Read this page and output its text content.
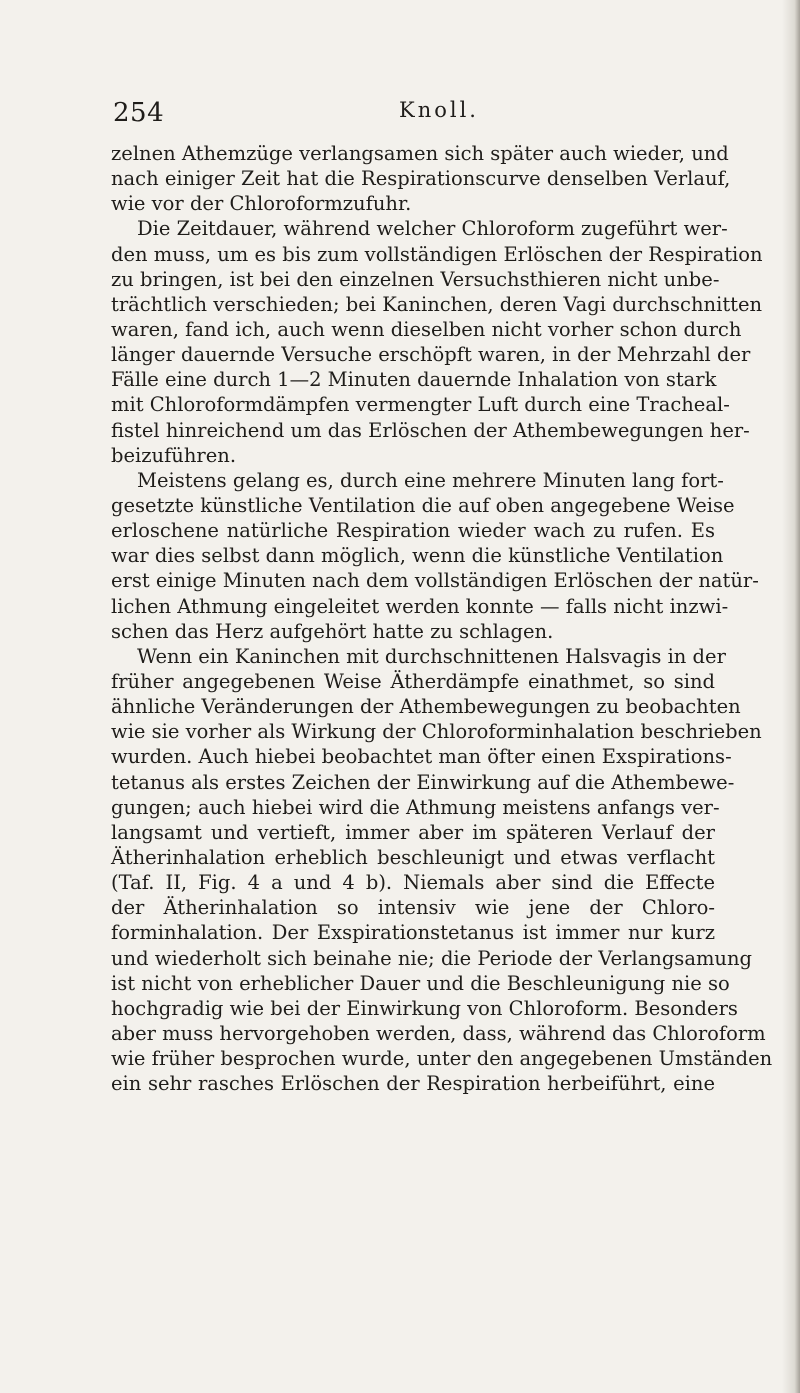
254	Knoll.
zelnen Athemzüge verlangsamen sich später auch wieder, und
nach einiger Zeit hat die Respirationscurve denselben Verlauf,
wie vor der Chloroformzufuhr.
Die Zeitdauer, während welcher Chloroform zugeführt wer-
den muss, um es bis zum vollständigen Erlöschen der Respiration
zu bringen, ist bei den einzelnen Versuchsthieren nicht unbe-
trächtlich verschieden; bei Kaninchen, deren Vagi durchschnitten
waren, fand ich, auch wenn dieselben nicht vorher schon durch
länger dauernde Versuche erschöpft waren, in der Mehrzahl der
Fälle eine durch 1—2 Minuten dauernde Inhalation von stark
mit Chloroformdämpfen vermengter Luft durch eine Tracheal-
fistel hinreichend um das Erlöschen der Athembewegungen her-
beizuführen.
Meistens gelang es, durch eine mehrere Minuten lang fort-
gesetzte künstliche Ventilation die auf oben angegebene Weise
erloschene natürliche Respiration wieder wach zu rufen. Es
war dies selbst dann möglich, wenn die künstliche Ventilation
erst einige Minuten nach dem vollständigen Erlöschen der natür-
lichen Athmung eingeleitet werden konnte — falls nicht inzwi-
schen das Herz aufgehört hatte zu schlagen.
Wenn ein Kaninchen mit durchschnittenen Halsvagis in der
früher angegebenen Weise Ätherdämpfe einathmet, so sind
ähnliche Veränderungen der Athembewegungen zu beobachten
wie sie vorher als Wirkung der Chloroforminhalation beschrieben
wurden. Auch hiebei beobachtet man öfter einen Exspirations-
tetanus als erstes Zeichen der Einwirkung auf die Athembewe-
gungen; auch hiebei wird die Athmung meistens anfangs ver-
langsamt und vertieft, immer aber im späteren Verlauf der
Ätherinhalation erheblich beschleunigt und etwas verflacht
(Taf. II, Fig. 4 a und 4 b). Niemals aber sind die Effecte
der Ätherinhalation so intensiv wie jene der Chloro-
forminhalation. Der Exspirationstetanus ist immer nur kurz
und wiederholt sich beinahe nie; die Periode der Verlangsamung
ist nicht von erheblicher Dauer und die Beschleunigung nie so
hochgradig wie bei der Einwirkung von Chloroform. Besonders
aber muss hervorgehoben werden, dass, während das Chloroform
wie früher besprochen wurde, unter den angegebenen Umständen
ein sehr rasches Erlöschen der Respiration herbeiführt, eine
